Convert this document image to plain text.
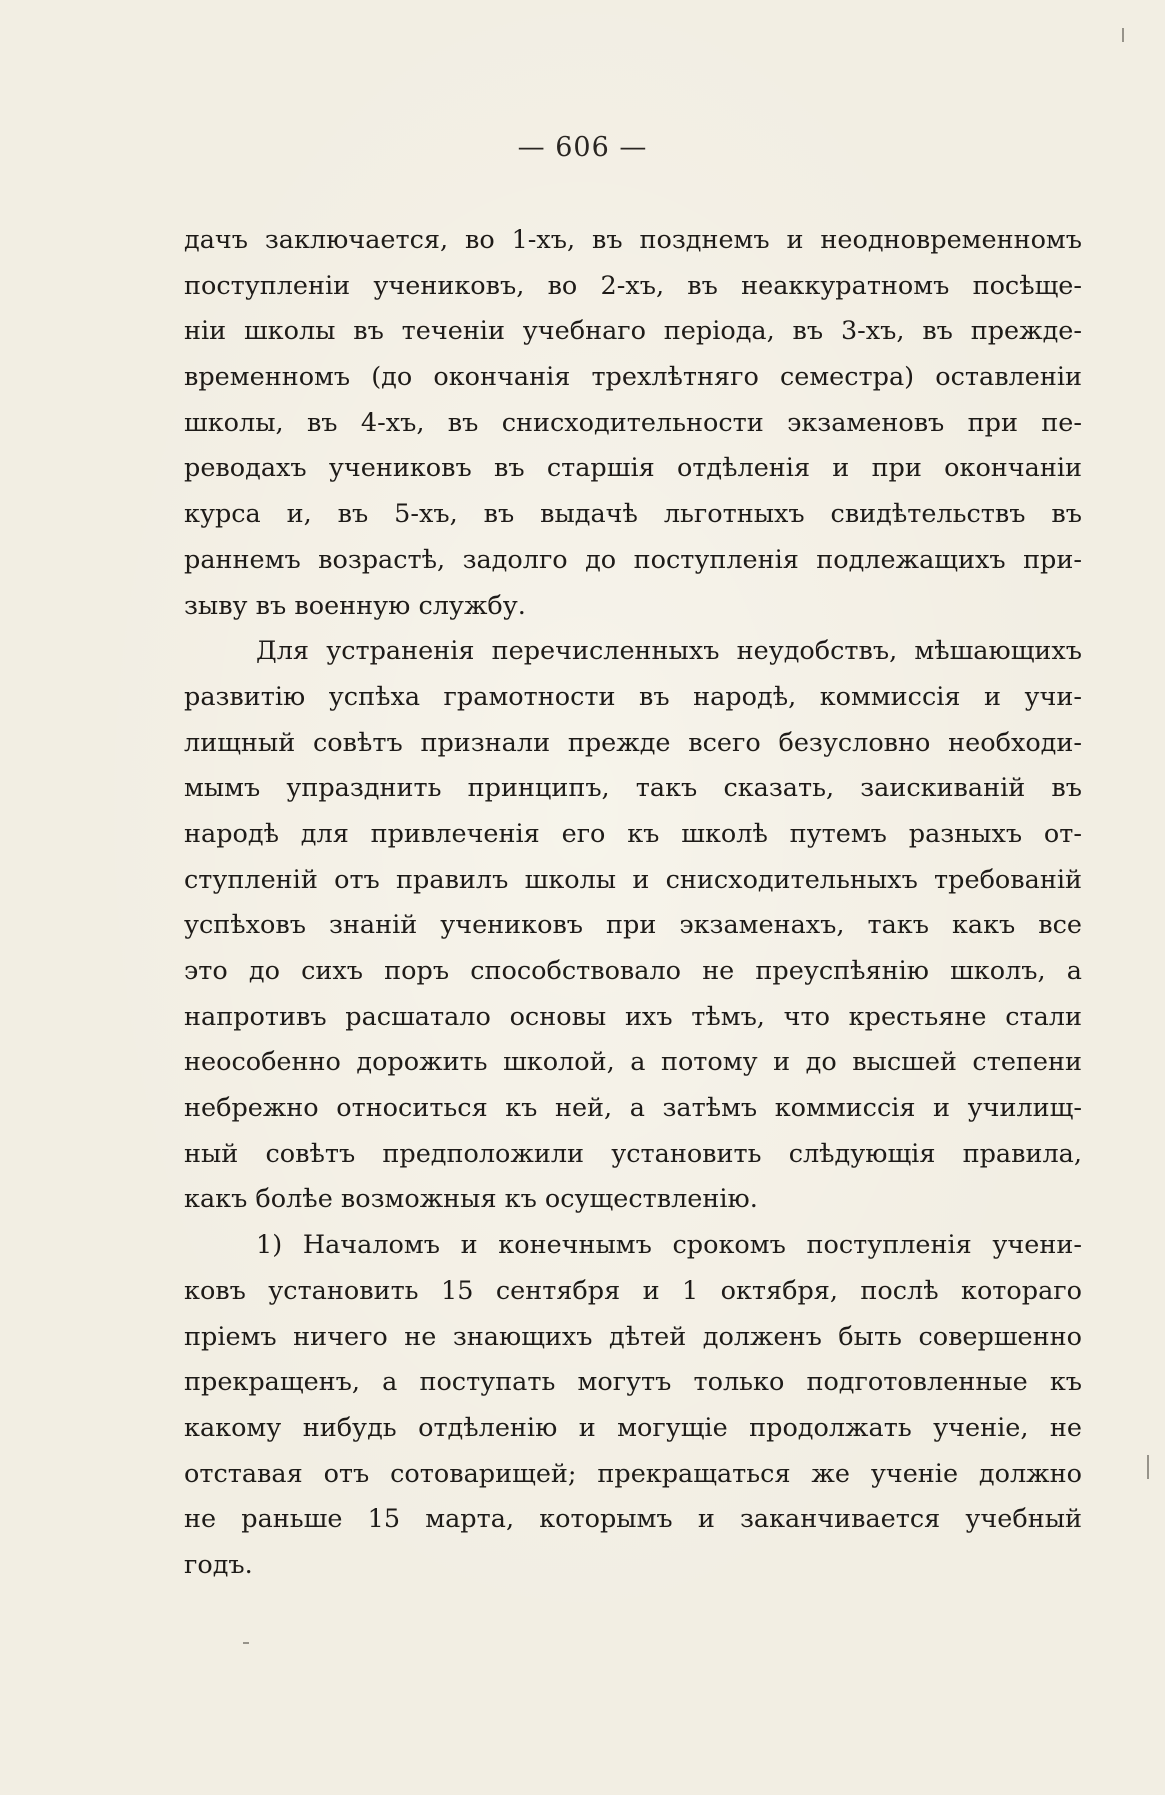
— 606 —
дачъ заключается, во 1-хъ, въ позднемъ и неодновременномъ
поступленіи учениковъ, во 2-хъ, въ неаккуратномъ посѣще-
ніи школы въ теченіи учебнаго періода, въ 3-хъ, въ прежде-
временномъ (до окончанія трехлѣтняго семестра) оставленіи
школы, въ 4-хъ, въ снисходительности экзаменовъ при пе-
реводахъ учениковъ въ старшія отдѣленія и при окончаніи
курса и, въ 5-хъ, въ выдачѣ льготныхъ свидѣтельствъ въ
раннемъ возрастѣ, задолго до поступленія подлежащихъ при-
зыву въ военную службу.
Для устраненія перечисленныхъ неудобствъ, мѣшающихъ
развитію успѣха грамотности въ народѣ, коммиссія и учи-
лищный совѣтъ признали прежде всего безусловно необходи-
мымъ упразднить принципъ, такъ сказать, заискиваній въ
народѣ для привлеченія его къ школѣ путемъ разныхъ от-
ступленій отъ правилъ школы и снисходительныхъ требованій
успѣховъ знаній учениковъ при экзаменахъ, такъ какъ все
это до сихъ поръ способствовало не преуспѣянію школъ, а
напротивъ расшатало основы ихъ тѣмъ, что крестьяне стали
неособенно дорожить школой, а потому и до высшей степени
небрежно относиться къ ней, а затѣмъ коммиссія и училищ-
ный совѣтъ предположили установить слѣдующія правила,
какъ болѣе возможныя къ осуществленію.
1) Началомъ и конечнымъ срокомъ поступленія учени-
ковъ установить 15 сентября и 1 октября, послѣ котораго
пріемъ ничего не знающихъ дѣтей долженъ быть совершенно
прекращенъ, а поступать могутъ только подготовленные къ
какому нибудь отдѣленію и могущіе продолжать ученіе, не
отставая отъ сотоварищей; прекращаться же ученіе должно
не раньше 15 марта, которымъ и заканчивается учебный
годъ.
